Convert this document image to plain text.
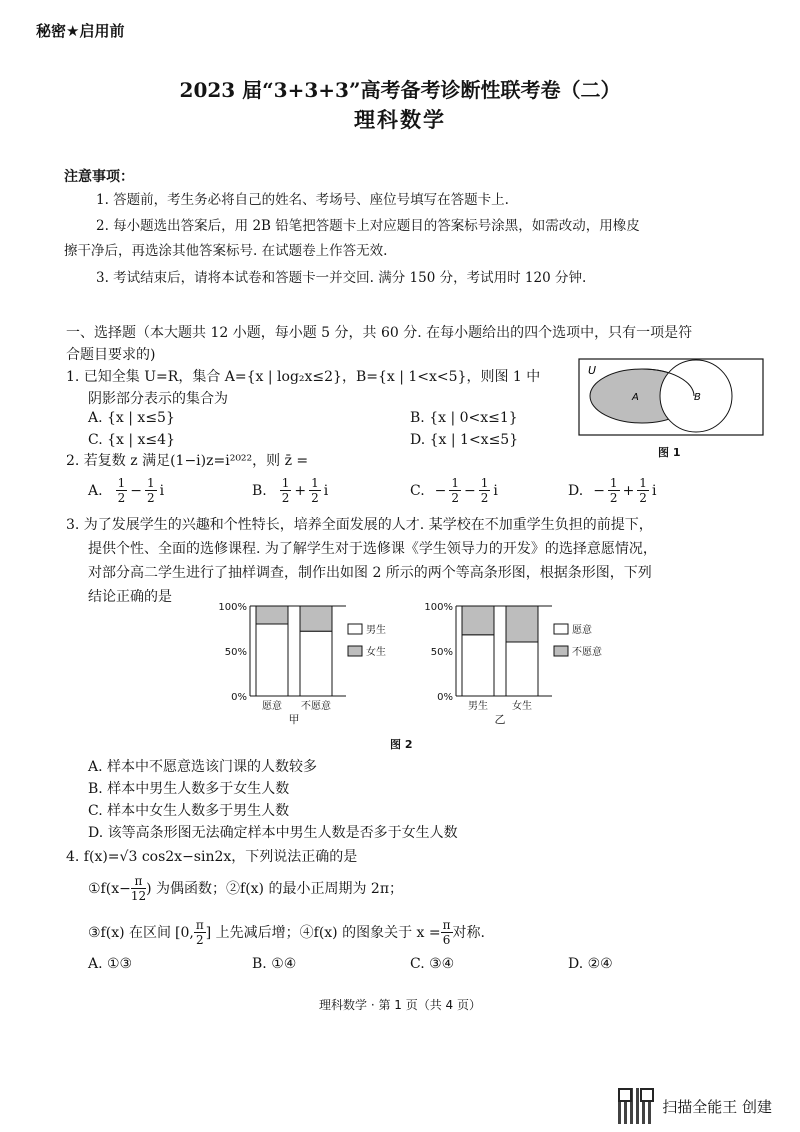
秘密★启用前
2023 届“3+3+3”高考备考诊断性联考卷（二）
理科数学
注意事项：
1. 答题前，考生务必将自己的姓名、考场号、座位号填写在答题卡上.
2. 每小题选出答案后，用 2B 铅笔把答题卡上对应题目的答案标号涂黑，如需改动，用橡皮
擦干净后，再选涂其他答案标号. 在试题卷上作答无效.
3. 考试结束后，请将本试卷和答题卡一并交回. 满分 150 分，考试用时 120 分钟.
一、选择题（本大题共 12 小题，每小题 5 分，共 60 分. 在每小题给出的四个选项中，只有一项是符
合题目要求的)
1. 已知全集 U=R，集合 A={x | log₂x≤2}，B={x | 1<x<5}，则图 1 中
阴影部分表示的集合为
A. {x | x≤5}	B. {x | 0<x≤1}
C. {x | x≤4}	D. {x | 1<x≤5}
U
A	B
图 1
2. 若复数 z 满足(1−i)z=i²⁰²²，则 z̄ =
A. $\frac{1}{2} - \frac{1}{2}$ i	B. $\frac{1}{2} + \frac{1}{2}$ i	C. − $\frac{1}{2} - \frac{1}{2}$ i	D. − $\frac{1}{2} + \frac{1}{2}$ i
3. 为了发展学生的兴趣和个性特长，培养全面发展的人才. 某学校在不加重学生负担的前提下，
提供个性、全面的选修课程. 为了解学生对于选修课《学生领导力的开发》的选择意愿情况，
对部分高二学生进行了抽样调查，制作出如图 2 所示的两个等高条形图，根据条形图，下列
结论正确的是
0%
50%
100%
愿意 不愿意
甲
男生
女生
0%
50%
100%
男生 女生
乙
愿意
不愿意
图 2
A. 样本中不愿意选该门课的人数较多
B. 样本中男生人数多于女生人数
C. 样本中女生人数多于男生人数
D. 该等高条形图无法确定样本中男生人数是否多于女生人数
4. f(x)=√3 cos2x−sin2x，下列说法正确的是
①f ($x- \frac{\pi}{12}$ ) 为偶函数；②f(x) 的最小正周期为 2π；
③f(x) 在区间 [0, $\frac{\pi}{2}$ ] 上先减后增；④f(x) 的图象关于 $x = \frac{\pi}{6}$ 对称.
A. ①③	B. ①④	C. ③④	D. ②④
理科数学 · 第 1 页（共 4 页）
扫描全能王 创建
